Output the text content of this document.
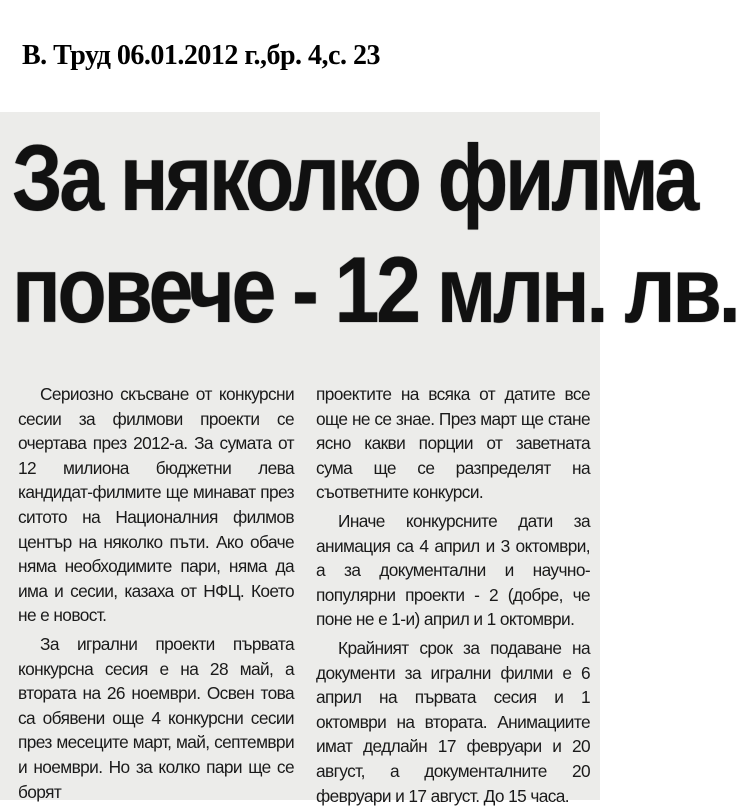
В. Труд 06.01.2012 г.,бр. 4,с. 23
За няколко филма
повече - 12 млн. лв.

Сериозно скъсване от конкурсни сесии за филмови проекти се очертава през 2012-а. За сумата от 12 милиона бюджетни лева кандидат-филмите ще минават през ситото на Националния филмов център на няколко пъти. Ако обаче няма необходимите пари, няма да има и сесии, казаха от НФЦ. Което не е новост.

За игрални проекти първата конкурсна сесия е на 28 май, а втората на 26 ноември. Освен това са обявени още 4 конкурсни сесии през месеците март, май, септември и ноември. Но за колко пари ще се борят

проектите на всяка от датите все още не се знае. През март ще стане ясно какви порции от заветната сума ще се разпределят на съответните конкурси.

Иначе конкурсните дати за анимация са 4 април и 3 октомври, а за документални и научно-популярни проекти - 2 (добре, че поне не е 1-и) април и 1 октомври.

Крайният срок за подаване на документи за игрални филми е 6 април на първата сесия и 1 октомври на втората. Анимациите имат дедлайн 17 февруари и 20 август, а документалните 20 февруари и 17 август. До 15 часа.
